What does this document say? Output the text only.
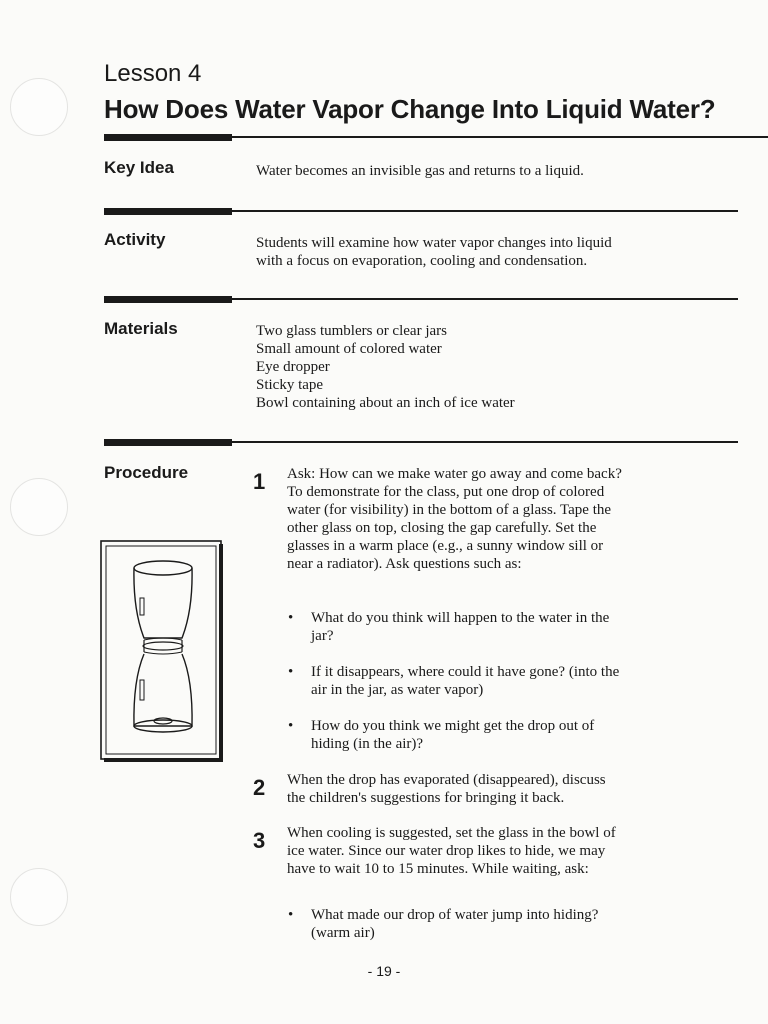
Lesson 4
How Does Water Vapor Change Into Liquid Water?
Key Idea	Water becomes an invisible gas and returns to a liquid.
Activity	Students will examine how water vapor changes into liquid
with a focus on evaporation, cooling and condensation.
Materials	Two glass tumblers or clear jars
Small amount of colored water
Eye dropper
Sticky tape
Bowl containing about an inch of ice water
Procedure	1 Ask: How can we make water go away and come back? To demonstrate for the class, put one drop of colored water (for visibility) in the bottom of a glass. Tape the other glass on top, closing the gap carefully. Set the glasses in a warm place (e.g., a sunny window sill or near a radiator). Ask questions such as:
• What do you think will happen to the water in the jar?
• If it disappears, where could it have gone? (into the air in the jar, as water vapor)
• How do you think we might get the drop out of hiding (in the air)?
2 When the drop has evaporated (disappeared), discuss the children's suggestions for bringing it back.
3 When cooling is suggested, set the glass in the bowl of ice water. Since our water drop likes to hide, we may have to wait 10 to 15 minutes. While waiting, ask:
• What made our drop of water jump into hiding? (warm air)
- 19 -
